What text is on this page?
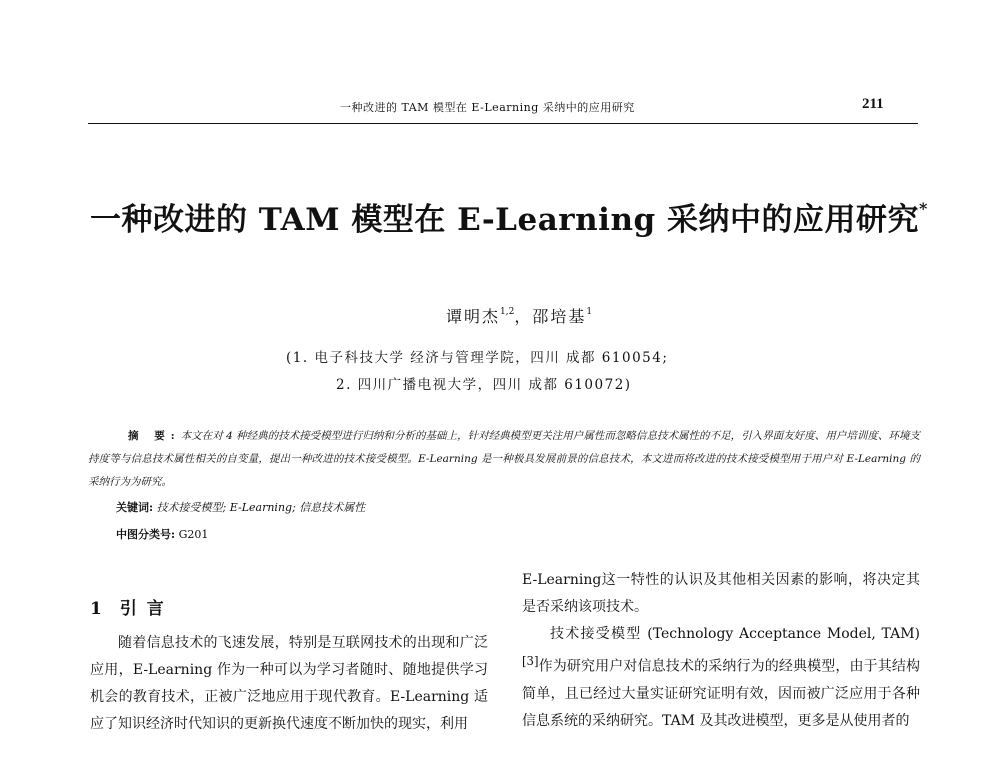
一种改进的 TAM 模型在 E-Learning 采纳中的应用研究	211
一种改进的 TAM 模型在 E-Learning 采纳中的应用研究*
谭明杰$^{1,2}$，邵培基$^1$
(1. 电子科技大学 经济与管理学院，四川 成都 610054;
2. 四川广播电视大学，四川 成都 610072)

摘 要:本文在对 4 种经典的技术接受模型进行归纳和分析的基础上，针对经典模型更关注用户属性而忽略信息技术属性的不足，引入界面友好度、用户培训度、环境支持度等与信息技术属性相关的自变量，提出一种改进的技术接受模型。E-Learning 是一种极具发展前景的信息技术，本文进而将改进的技术接受模型用于用户对 E-Learning 的采纳行为为研究。

关键词: 技术接受模型; E-Learning; 信息技术属性
中图分类号: G201
1 引 言

随着信息技术的飞速发展，特别是互联网技术的出现和广泛应用，E-Learning 作为一种可以为学习者随时、随地提供学习机会的教育技术，正被广泛地应用于现代教育。E-Learning 适应了知识经济时代知识的更新换代速度不断加快的现实，利用

E-Learning这一特性的认识及其他相关因素的影响，将决定其是否采纳该项技术。
技术接受模型 (Technology Acceptance Model, TAM)[3]作为研究用户对信息技术的采纳行为的经典模型，由于其结构简单，且已经过大量实证研究证明有效，因而被广泛应用于各种信息系统的采纳研究。TAM 及其改进模型，更多是从使用者的
